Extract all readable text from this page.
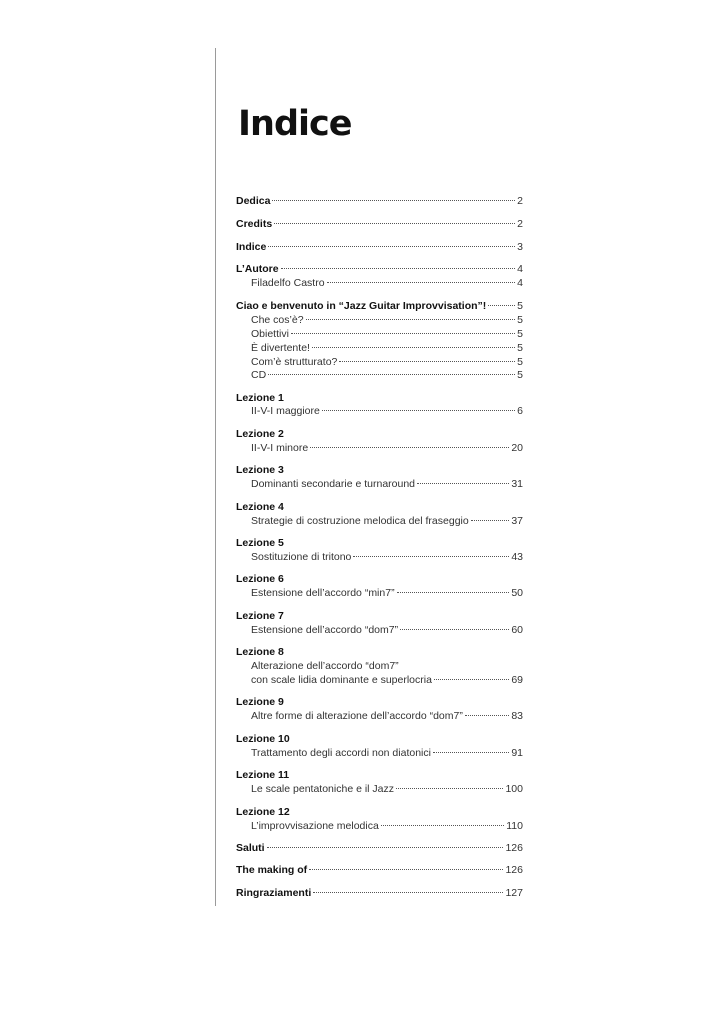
Indice
Dedica	2
Credits	2
Indice	3
L’Autore	4
Filadelfo Castro	4
Ciao e benvenuto in “Jazz Guitar Improvvisation”!	5
Che cos’è?	5
Obiettivi	5
È divertente!	5
Com’è strutturato?	5
CD	5
Lezione 1
II-V-I maggiore	6
Lezione 2
II-V-I minore	20
Lezione 3
Dominanti secondarie e turnaround	31
Lezione 4
Strategie di costruzione melodica del fraseggio	37
Lezione 5
Sostituzione di tritono	43
Lezione 6
Estensione dell’accordo “min7”	50
Lezione 7
Estensione dell’accordo “dom7”	60
Lezione 8
Alterazione dell’accordo “dom7”
con scale lidia dominante e superlocria	69
Lezione 9
Altre forme di alterazione dell’accordo “dom7”	83
Lezione 10
Trattamento degli accordi non diatonici	91
Lezione 11
Le scale pentatoniche e il Jazz	100
Lezione 12
L’improvvisazione melodica	110
Saluti	126
The making of	126
Ringraziamenti	127
